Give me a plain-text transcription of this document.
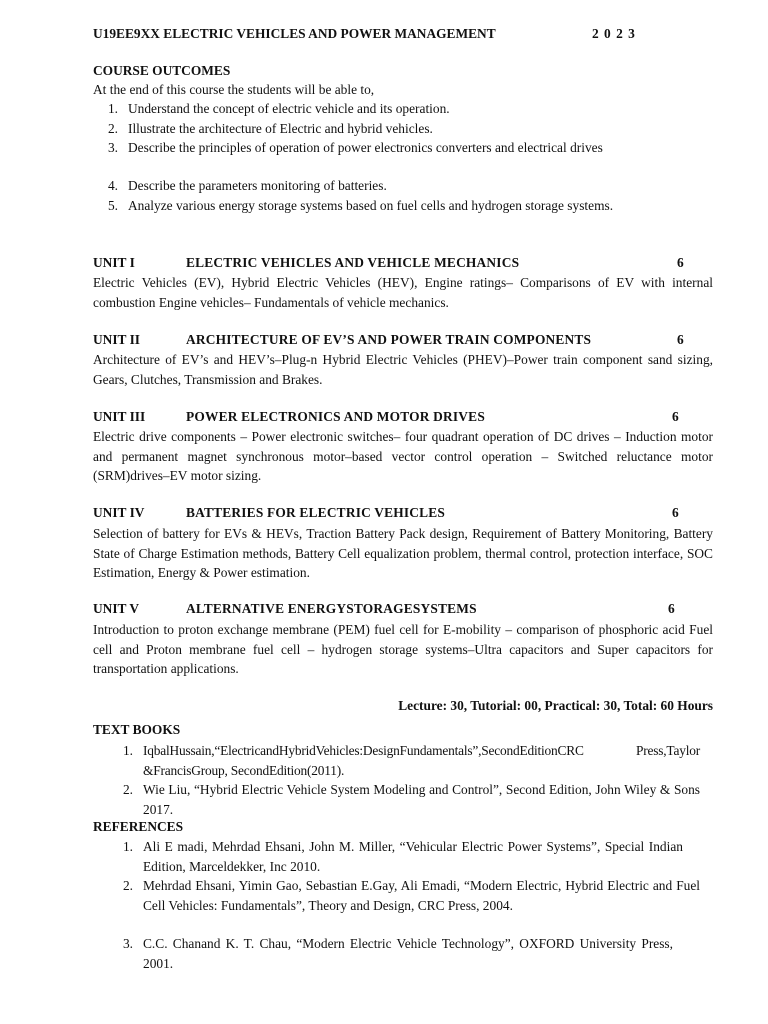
U19EE9XX ELECTRIC VEHICLES AND POWER MANAGEMENT	2 0 2 3
COURSE OUTCOMES
At the end of this course the students will be able to,
1. Understand the concept of electric vehicle and its operation.
2. Illustrate the architecture of Electric and hybrid vehicles.
3. Describe the principles of operation of power electronics converters and electrical drives
4. Describe the parameters monitoring of batteries.
5. Analyze various energy storage systems based on fuel cells and hydrogen storage systems.
UNIT I	ELECTRIC VEHICLES AND VEHICLE MECHANICS	6
Electric Vehicles (EV), Hybrid Electric Vehicles (HEV), Engine ratings– Comparisons of EV with internal combustion Engine vehicles– Fundamentals of vehicle mechanics.
UNIT II	ARCHITECTURE OF EV’S AND POWER TRAIN COMPONENTS	6
Architecture of EV’s and HEV’s–Plug-n Hybrid Electric Vehicles (PHEV)–Power train component sand sizing, Gears, Clutches, Transmission and Brakes.
UNIT III	POWER ELECTRONICS AND MOTOR DRIVES	6
Electric drive components – Power electronic switches– four quadrant operation of DC drives – Induction motor and permanent magnet synchronous motor–based vector control operation – Switched reluctance motor (SRM)drives–EV motor sizing.
UNIT IV	BATTERIES FOR ELECTRIC VEHICLES	6
Selection of battery for EVs & HEVs, Traction Battery Pack design, Requirement of Battery Monitoring, Battery State of Charge Estimation methods, Battery Cell equalization problem, thermal control, protection interface, SOC Estimation, Energy & Power estimation.
UNIT V	ALTERNATIVE ENERGYSTORAGESYSTEMS	6
Introduction to proton exchange membrane (PEM) fuel cell for E-mobility – comparison of phosphoric acid Fuel cell and Proton membrane fuel cell – hydrogen storage systems–Ultra capacitors and Super capacitors for transportation applications.
Lecture: 30, Tutorial: 00, Practical: 30, Total: 60 Hours
TEXT BOOKS
1. IqbalHussain,“ElectricandHybridVehicles:DesignFundamentals”,SecondEditionCRC Press,Taylor &FrancisGroup, SecondEdition(2011).
2. Wie Liu, “Hybrid Electric Vehicle System Modeling and Control”, Second Edition, John Wiley & Sons 2017.
REFERENCES
1. Ali E madi, Mehrdad Ehsani, John M. Miller, “Vehicular Electric Power Systems”, Special Indian Edition, Marceldekker, Inc 2010.
2. Mehrdad Ehsani, Yimin Gao, Sebastian E.Gay, Ali Emadi, “Modern Electric, Hybrid Electric and Fuel Cell Vehicles: Fundamentals”, Theory and Design, CRC Press, 2004.
3. C.C. Chanand K. T. Chau, “Modern Electric Vehicle Technology”, OXFORD University Press, 2001.
